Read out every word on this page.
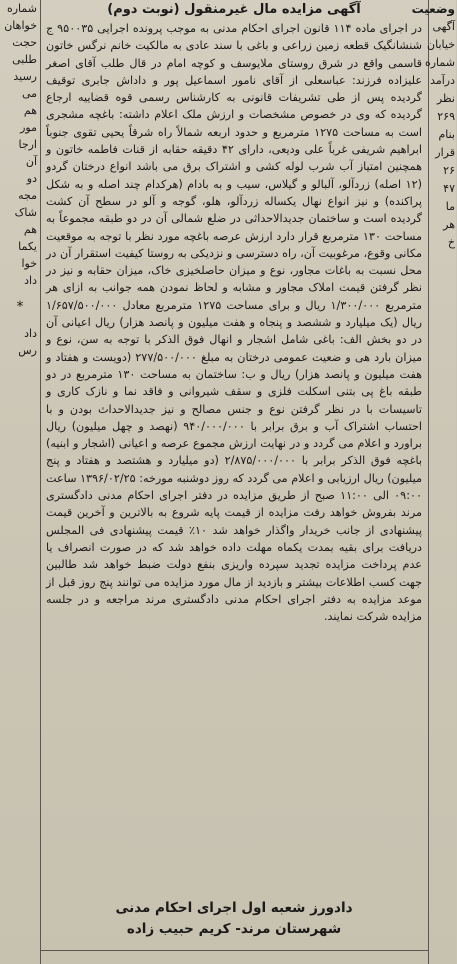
شماره
خواهان
حجت
طلبی
رسید
می
هم
مور
ارجا
آن
دو
مجه
شاک
هم
یکما
خوا
داد
*
داد
رس
آگهی مزایده مال غیرمنقول (نوبت دوم)

در اجرای ماده ۱۱۴ قانون اجرای احکام مدنی به موجب پرونده اجرایی ۹۵۰۰۳۵ ج شنشانگیک قطعه زمین زراعی و باغی با سند عادی به مالکیت خانم نرگس خاتون قاسمی واقع در شرق روستای ملایوسف و کوچه امام در قال طلب آقای اصغر علیزاده فرزند: عباسعلی از آقای نامور اسماعیل پور و داداش جابری توقیف گردیده پس از طی تشریفات قانونی به کارشناس رسمی قوه قضاییه ارجاع گردیده که وی در خصوص مشخصات و ارزش ملک اعلام داشته: باغچه مشجری است به مساحت ۱۲۷۵ مترمربع و حدود اربعه شمالاً راه شرقاً یحیی تقوی جنوباً ابراهیم شریفی غرباً علی ودیعی، دارای ۴۲ دقیقه حقابه از قنات فاطمه خاتون و همچنین امتیاز آب شرب لوله کشی و اشتراک برق می باشد انواع درختان گردو (۱۲ اصله) زردآلو، آلبالو و گیلاس، سیب و به بادام (هرکدام چند اصله و به شکل پراکنده) و نیز انواع نهال یکساله زردآلو، هلو، گوجه و آلو در سطح آن کشت گردیده است و ساختمان جدیدالاحداثی در ضلع شمالی آن در دو طبقه مجموعاً به مساحت ۱۳۰ مترمربع قرار دارد ارزش عرصه باغچه مورد نظر با توجه به موقعیت مکانی وقوع، مرغوبیت آن، راه دسترسی و نزدیکی به روستا کیفیت استقرار آن در محل نسبت به باغات مجاور، نوع و میزان حاصلخیزی خاک، میزان حقابه و نیز در نظر گرفتن قیمت املاک مجاور و مشابه و لحاظ نمودن همه جوانب به ازای هر مترمربع ۱/۳۰۰/۰۰۰ ریال و برای مساحت ۱۲۷۵ مترمربع معادل ۱/۶۵۷/۵۰۰/۰۰۰ ریال (یک میلیارد و ششصد و پنجاه و هفت میلیون و پانصد هزار) ریال اعیانی آن در دو بخش الف: باغی شامل اشجار و انهال فوق الذکر با توجه به سن، نوع و میزان بارد هی و ضعیت عمومی درختان به مبلغ ۲۷۷/۵۰۰/۰۰۰ (دویست و هفتاد و هفت میلیون و پانصد هزار) ریال و ب: ساختمان به مساحت ۱۳۰ مترمربع در دو طبقه باغ پی بتنی اسکلت فلزی و سقف شیروانی و فاقد نما و نازک کاری و تاسیسات با در نظر گرفتن نوع و جنس مصالح و نیز جدیدالاحداث بودن و با احتساب اشتراک آب و برق برابر با ۹۴۰/۰۰۰/۰۰۰ (نهصد و چهل میلیون) ریال براورد و اعلام می گردد و در نهایت ارزش مجموع عرصه و اعیانی (اشجار و ابنیه) باغچه فوق الذکر برابر با ۲/۸۷۵/۰۰۰/۰۰۰ (دو میلیارد و هشتصد و هفتاد و پنج میلیون) ریال ارزیابی و اعلام می گردد که روز دوشنبه مورخه: ۱۳۹۶/۰۲/۲۵ ساعت ۰۹:۰۰ الی ۱۱:۰۰ صبح از طریق مزایده در دفتر اجرای احکام مدنی دادگستری مرند بفروش خواهد رفت مزایده از قیمت پایه شروع به بالاترین و آخرین قیمت پیشنهادی از جانب خریدار واگذار خواهد شد ۱۰٪ قیمت پیشنهادی فی المجلس دریافت برای بقیه بمدت یکماه مهلت داده خواهد شد که در صورت انصراف یا عدم پرداخت مزایده تجدید سپرده واریزی بنفع دولت ضبط خواهد شد طالبین جهت کسب اطلاعات بیشتر و بازدید از مال مورد مزایده می توانند پنج روز قبل از موعد مزایده به دفتر اجرای احکام مدنی دادگستری مرند مراجعه و در جلسه مزایده شرکت نمایند.

دادورز شعبه اول اجرای احکام مدنی
شهرستان مرند- کریم حبیب زاده
وضعیت
آگهی
خیابان
شماره
درآمد
نظر
۲۶۹
بنام
قرار
۲۶
۴۷
ما
هر
خ
